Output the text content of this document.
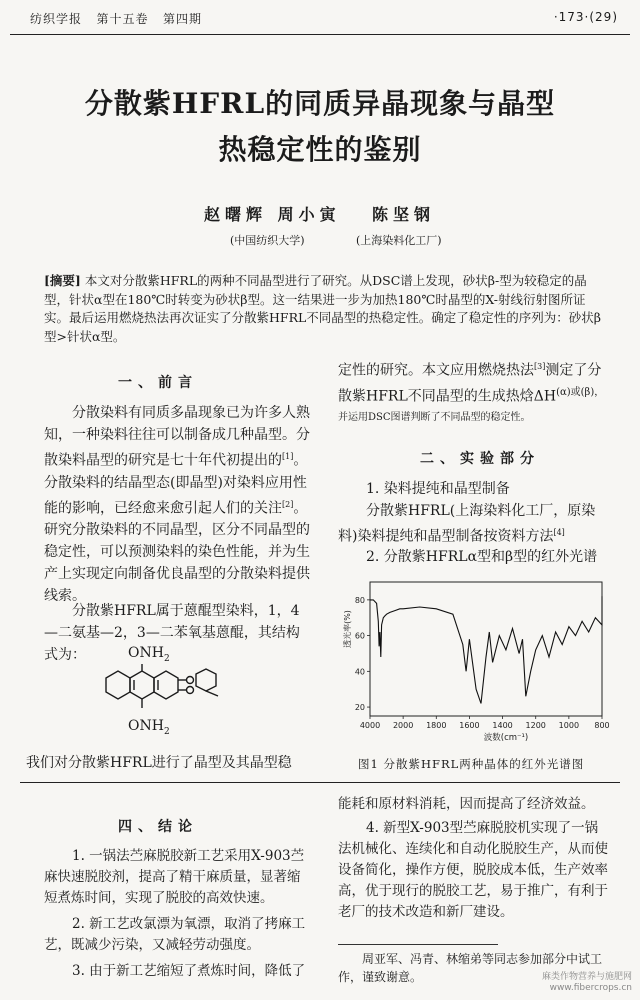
纺织学报 第十五卷 第四期	·173·(29)
分散紫HFRL的同质异晶现象与晶型
热稳定性的鉴别
赵曙辉 周小寅 陈坚钢
(中国纺织大学)	(上海染料化工厂)
[摘要] 本文对分散紫HFRL的两种不同晶型进行了研究。从DSC谱上发现，砂状β-型为较稳定的晶型，针状α型在180℃时转变为砂状β型。这一结果进一步为加热180℃时晶型的X-射线衍射图所证实。最后运用燃烧热法再次证实了分散紫HFRL不同晶型的热稳定性。确定了稳定性的序列为：砂状β型>针状α型。
一、前言
分散染料有同质多晶现象已为许多人熟知，一种染料往往可以制备成几种晶型。分散染料晶型的研究是七十年代初提出的[1]。分散染料的结晶型态(即晶型)对染料应用性能的影响，已经愈来愈引起人们的关注[2]。研究分散染料的不同晶型，区分不同晶型的稳定性，可以预测染料的染色性能，并为生产上实现定向制备优良晶型的分散染料提供线索。
分散紫HFRL属于蒽醌型染料，1，4—二氨基—2，3—二苯氧基蒽醌，其结构式为：	$ONH_2$
$ONH_2$
我们对分散紫HFRL进行了晶型及其晶型稳
定性的研究。本文应用燃烧热法[3]测定了分散紫HFRL不同晶型的生成热焓$\Delta H^{(\alpha)或(\beta),并运用DSC图谱判断了不同晶型的稳定性。}$
二、实验部分
1. 染料提纯和晶型制备
分散紫HFRL(上海染料化工厂，原染料)染料提纯和晶型制备按资料方法[4]
2. 分散紫HFRLα型和β型的红外光谱
4000 2000 1800 1600 1400 1200 1000 800
80
60
40
20
波数(cm⁻¹)
透光率(%)
图1 分散紫HFRL两种晶体的红外光谱图
四、结论
1. 一锅法苎麻脱胶新工艺采用X-903苎麻快速脱胶剂，提高了精干麻质量，显著缩短煮炼时间，实现了脱胶的高效快速。
2. 新工艺改氯漂为氧漂，取消了拷麻工艺，既减少污染，又减轻劳动强度。
3. 由于新工艺缩短了煮炼时间，降低了
能耗和原材料消耗，因而提高了经济效益。
4. 新型X-903型苎麻脱胶机实现了一锅法机械化、连续化和自动化脱胶生产，从而使设备简化，操作方便，脱胶成本低，生产效率高，优于现行的脱胶工艺，易于推广，有利于老厂的技术改造和新厂建设。
周亚军、冯青、林缩弟等同志参加部分中试工作，谨致谢意。	麻类作物营养与施肥网
www.fibercrops.cn
